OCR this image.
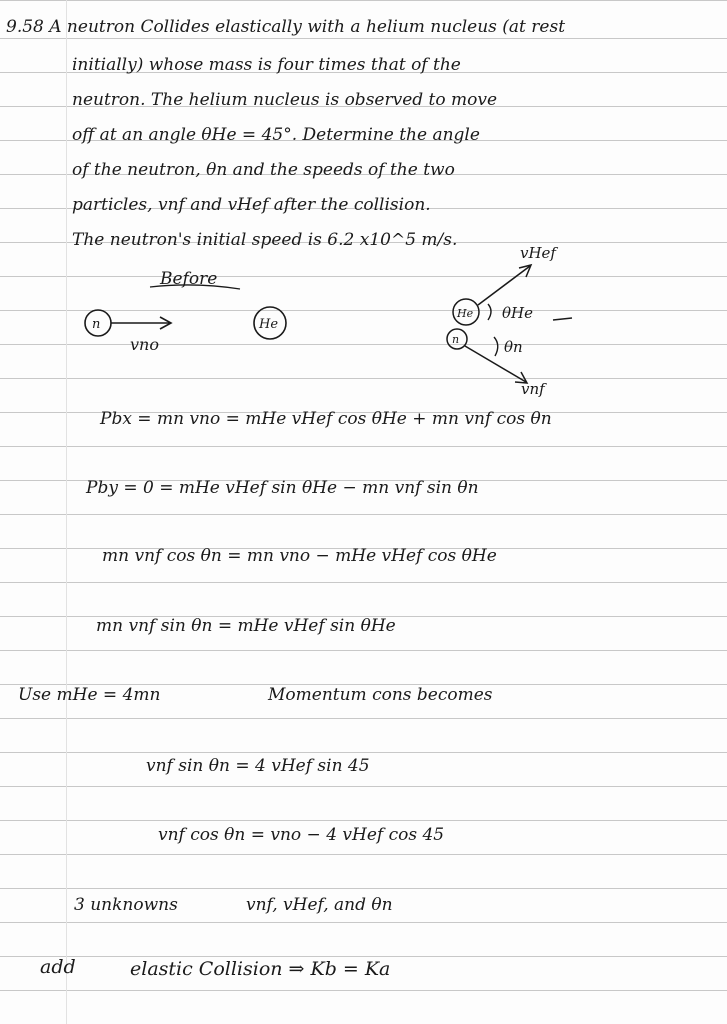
9.58 A neutron Collides elastically with a helium nucleus (at rest

initially) whose mass is four times that of the

neutron. The helium nucleus is observed to move

off at an angle θHe = 45°. Determine the angle

of the neutron, θn and the speeds of the two

particles, vnf and vHef after the collision.

The neutron's initial speed is 6.2 x10^5 m/s.

Before
n
vno
He
He
vHef
θHe
n	θn
vnf

Pbx = mn vno = mHe vHef cos θHe + mn vnf cos θn

Pby = 0 = mHe vHef sin θHe − mn vnf sin θn

mn vnf cos θn = mn vno − mHe vHef cos θHe

mn vnf sin θn = mHe vHef sin θHe

Use mHe = 4mn	Momentum cons becomes

vnf sin θn = 4 vHef sin 45

vnf cos θn = vno − 4 vHef cos 45

3 unknowns	vnf, vHef, and θn

add	elastic Collision ⇒ Kb = Ka
